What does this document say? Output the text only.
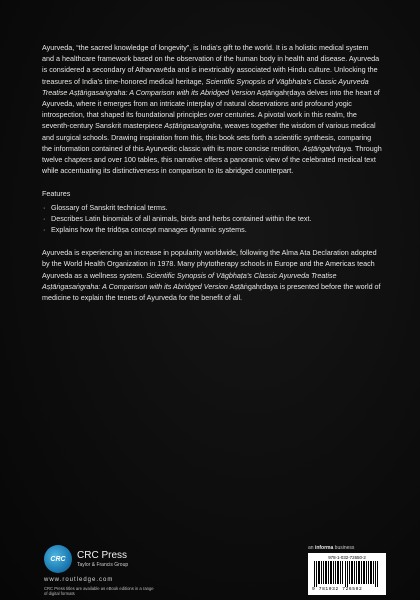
Ayurveda, “the sacred knowledge of longevity”, is India’s gift to the world. It is a holistic medical system and a healthcare framework based on the observation of the human body in health and disease. Ayurveda is considered a secondary of Atharvavēda and is inextricably associated with Hindu culture. Unlocking the treasures of India’s time-honored medical heritage, Scientific Synopsis of Vāgbhaṭa’s Classic Ayurveda Treatise Aṣṭāṅgasaṅgraha: A Comparison with its Abridged Version Aṣṭāṅgahṛdaya delves into the heart of Ayurveda, where it emerges from an intricate interplay of natural observations and profound yogic introspection, that shaped its foundational principles over centuries. A pivotal work in this realm, the seventh-century Sanskrit masterpiece Aṣṭāṅgasaṅgraha, weaves together the wisdom of various medical and surgical schools. Drawing inspiration from this, this book sets forth a scientific synthesis, comparing the information contained of this Ayurvedic classic with its more concise rendition, Aṣṭāṅgahṛdaya. Through twelve chapters and over 100 tables, this narrative offers a panoramic view of the celebrated medical text while accentuating its distinctiveness in comparison to its abridged counterpart.

Features

· Glossary of Sanskrit technical terms.
· Describes Latin binomials of all animals, birds and herbs contained within the text.
· Explains how the tridōṣa concept manages dynamic systems.

Ayurveda is experiencing an increase in popularity worldwide, following the Alma Ata Declaration adopted by the World Health Organization in 1978. Many phytotherapy schools in Europe and the Americas teach Ayurveda as a wellness system. Scientific Synopsis of Vāgbhaṭa’s Classic Ayurveda Treatise Aṣṭāṅgasaṅgraha: A Comparison with its Abridged Version Aṣṭāṅgahṛdaya is presented before the world of medicine to explain the tenets of Ayurveda for the benefit of all.

CRC	CRC Press
Taylor & Francis Group
www.routledge.com
CRC Press titles are available as eBook editions in a range of digital formats
an informa business
978-1-032-72650-2
9 781032 726502
